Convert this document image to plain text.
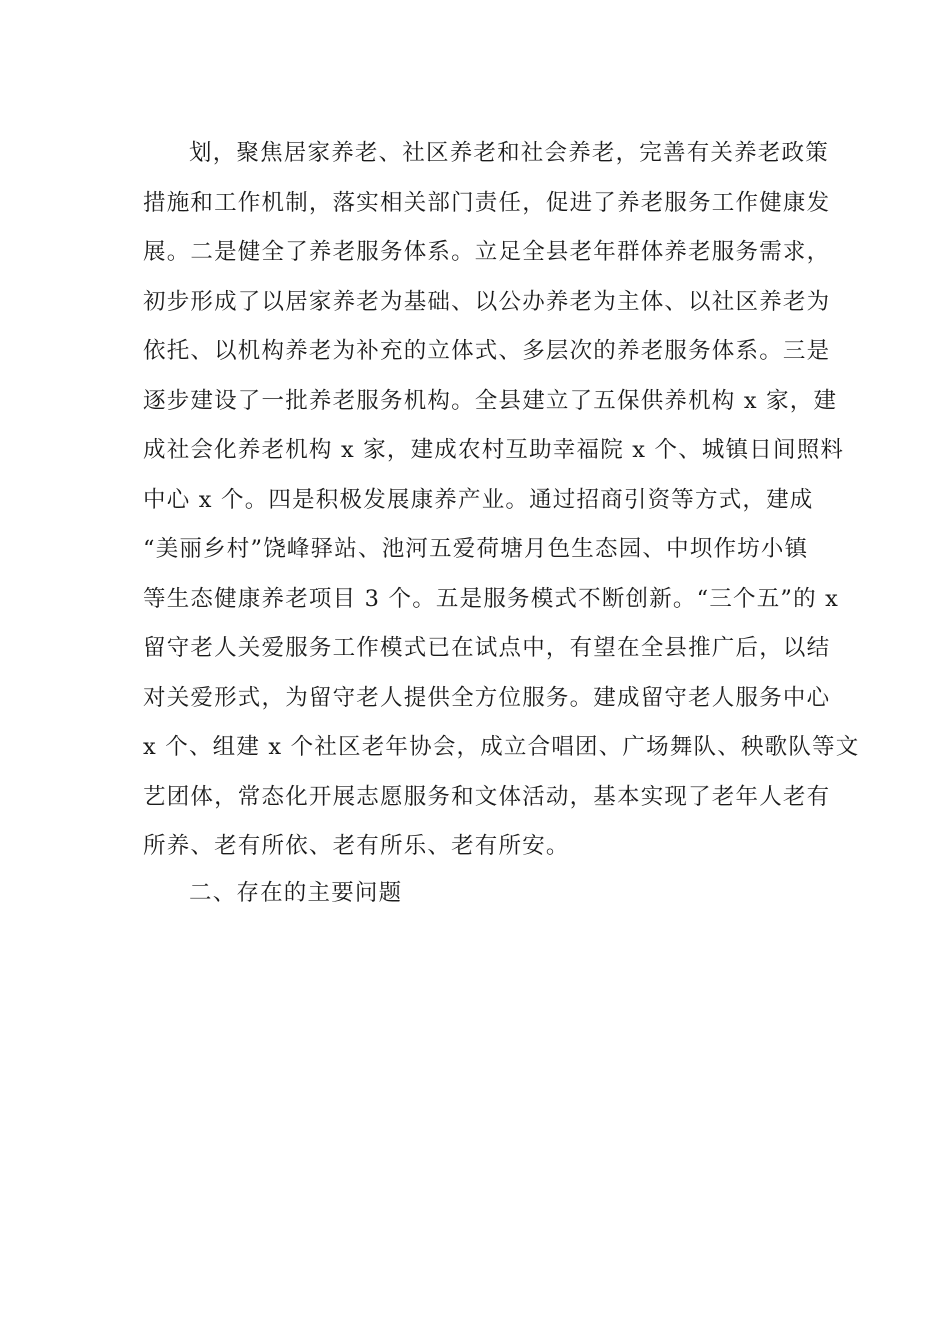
划，聚焦居家养老、社区养老和社会养老，完善有关养老政策
措施和工作机制，落实相关部门责任，促进了养老服务工作健康发
展。二是健全了养老服务体系。立足全县老年群体养老服务需求，
初步形成了以居家养老为基础、以公办养老为主体、以社区养老为
依托、以机构养老为补充的立体式、多层次的养老服务体系。三是
逐步建设了一批养老服务机构。全县建立了五保供养机构 x 家，建
成社会化养老机构 x 家，建成农村互助幸福院 x 个、城镇日间照料
中心 x 个。四是积极发展康养产业。通过招商引资等方式，建成
“美丽乡村”饶峰驿站、池河五爱荷塘月色生态园、中坝作坊小镇
等生态健康养老项目 3 个。五是服务模式不断创新。“三个五”的 x
留守老人关爱服务工作模式已在试点中，有望在全县推广后，以结
对关爱形式，为留守老人提供全方位服务。建成留守老人服务中心
x 个、组建 x 个社区老年协会，成立合唱团、广场舞队、秧歌队等文
艺团体，常态化开展志愿服务和文体活动，基本实现了老年人老有
所养、老有所依、老有所乐、老有所安。
二、存在的主要问题
